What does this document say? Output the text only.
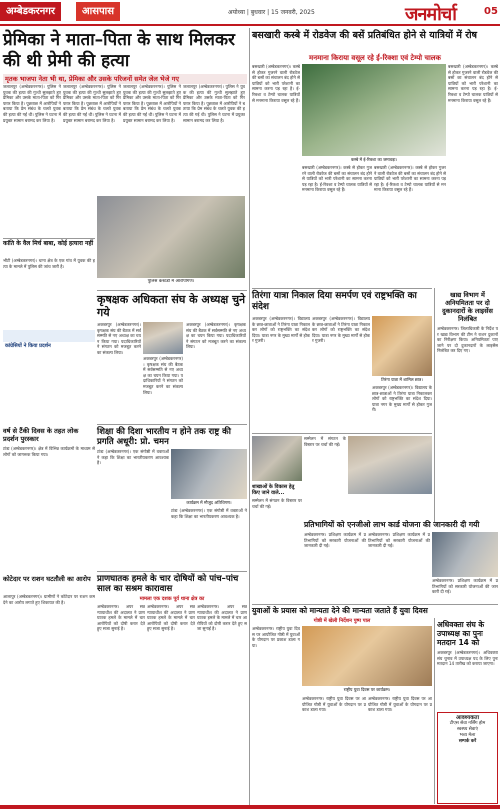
अम्बेडकरनगर	आसपास	अयोध्या | बुधवार | 15 जनवरी, 2025	जनमोर्चा	05
प्रेमिका ने माता–पिता के साथ मिलकर की थी प्रेमी की हत्या
मृतक भाजपा नेता भी था, प्रेमिका और उसके परिजनों समेत जेल भेजे गए
जलालपुर (अम्बेडकरनगर)। पुलिस ने युवक की हत्या की गुत्थी सुलझाते हुए प्रेमिका और उसके माता-पिता को गिरफ्तार किया है। पूछताछ में आरोपियों ने बताया कि प्रेम संबंध के चलते युवक की हत्या की गई थी। पुलिस ने घटना में प्रयुक्त सामान बरामद कर लिया है।
जलालपुर (अम्बेडकरनगर)। पुलिस ने युवक की हत्या की गुत्थी सुलझाते हुए प्रेमिका और उसके माता-पिता को गिरफ्तार किया है। पूछताछ में आरोपियों ने बताया कि प्रेम संबंध के चलते युवक की हत्या की गई थी। पुलिस ने घटना में प्रयुक्त सामान बरामद कर लिया है।
जलालपुर (अम्बेडकरनगर)। पुलिस ने युवक की हत्या की गुत्थी सुलझाते हुए प्रेमिका और उसके माता-पिता को गिरफ्तार किया है। पूछताछ में आरोपियों ने बताया कि प्रेम संबंध के चलते युवक की हत्या की गई थी। पुलिस ने घटना में प्रयुक्त सामान बरामद कर लिया है।
जलालपुर (अम्बेडकरनगर)। पुलिस ने युवक की हत्या की गुत्थी सुलझाते हुए प्रेमिका और उसके माता-पिता को गिरफ्तार किया है। पूछताछ में आरोपियों ने बताया कि प्रेम संबंध के चलते युवक की हत्या की गई थी। पुलिस ने घटना में प्रयुक्त सामान बरामद कर लिया है।
पुलिस कस्टडी में आरोपीगण।
कांति के वैल मिर्च बाबा, कोई हत्यारा नहीं
भीटी (अम्बेडकरनगर)। थाना क्षेत्र के एक गांव में युवक की हत्या के मामले में पुलिस की जांच जारी है।
कांग्रेसियों ने किया प्रदर्शन
वर्ष से टैंकी दिवस के तहत लोक प्रदर्शन पुरस्कार
टांडा (अम्बेडकरनगर)। क्षेत्र में विभिन्न कार्यक्रमों के माध्यम से लोगों को जागरूक किया गया।
कोटेदार पर राशन घटतौली का आरोप
आलापुर (अम्बेडकरनगर)। ग्रामीणों ने कोटेदार पर राशन कम देने का आरोप लगाते हुए शिकायत की है।
कृषक्षक अधिकता संघ के अध्यक्ष चुने गये
अकबरपुर (अम्बेडकरनगर)। कृषक्षक संघ की बैठक में सर्वसम्मति से नए अध्यक्ष का चयन किया गया। पदाधिकारियों ने संगठन को मजबूत करने का संकल्प लिया।
अकबरपुर (अम्बेडकरनगर)। कृषक्षक संघ की बैठक में सर्वसम्मति से नए अध्यक्ष का चयन किया गया। पदाधिकारियों ने संगठन को मजबूत करने का संकल्प लिया।
अकबरपुर (अम्बेडकरनगर)। कृषक्षक संघ की बैठक में सर्वसम्मति से नए अध्यक्ष का चयन किया गया। पदाधिकारियों ने संगठन को मजबूत करने का संकल्प लिया।
शिक्षा की दिशा भारतीय न होने तक राष्ट्र की प्रगति अधूरी: प्रो. चमन
टांडा (अम्बेडकरनगर)। एक संगोष्ठी में वक्ताओं ने कहा कि शिक्षा का भारतीयकरण आवश्यक है।
कार्यक्रम में मौजूद अतिथिगण।
टांडा (अम्बेडकरनगर)। एक संगोष्ठी में वक्ताओं ने कहा कि शिक्षा का भारतीयकरण आवश्यक है।
प्राणघातक हमले के चार दोषियों को पांच–पांच साल का सश्रम कारावास
मामला एक दशक पूर्व थाना क्षेत्र का
अम्बेडकरनगर। अपर सत्र न्यायाधीश की अदालत ने प्राणघातक हमले के मामले में चार आरोपियों को दोषी करार देते हुए सजा सुनाई है।
अम्बेडकरनगर। अपर सत्र न्यायाधीश की अदालत ने प्राणघातक हमले के मामले में चार आरोपियों को दोषी करार देते हुए सजा सुनाई है।
अम्बेडकरनगर। अपर सत्र न्यायाधीश की अदालत ने प्राणघातक हमले के मामले में चार आरोपियों को दोषी करार देते हुए सजा सुनाई है।
बसखारी कस्बे में रोडवेज की बसें प्रतिबंधित होने से यात्रियों में रोष
मनमाना किराया वसूल रहे ई-रिक्शा एवं टेम्पो चालक
बसखारी (अम्बेडकरनगर)। कस्बे से होकर गुजरने वाली रोडवेज की बसों का संचालन बंद होने से यात्रियों को भारी परेशानी का सामना करना पड़ रहा है। ई-रिक्शा व टेम्पो चालक यात्रियों से मनमाना किराया वसूल रहे हैं।
कस्बे में ई-रिक्शा का जमावड़ा।
बसखारी (अम्बेडकरनगर)। कस्बे से होकर गुजरने वाली रोडवेज की बसों का संचालन बंद होने से यात्रियों को भारी परेशानी का सामना करना पड़ रहा है। ई-रिक्शा व टेम्पो चालक यात्रियों से मनमाना किराया वसूल रहे हैं।
बसखारी (अम्बेडकरनगर)। कस्बे से होकर गुजरने वाली रोडवेज की बसों का संचालन बंद होने से यात्रियों को भारी परेशानी का सामना करना पड़ रहा है। ई-रिक्शा व टेम्पो चालक यात्रियों से मनमाना किराया वसूल रहे हैं।
बसखारी (अम्बेडकरनगर)। कस्बे से होकर गुजरने वाली रोडवेज की बसों का संचालन बंद होने से यात्रियों को भारी परेशानी का सामना करना पड़ रहा है। ई-रिक्शा व टेम्पो चालक यात्रियों से मनमाना किराया वसूल रहे हैं।
तिरंगा यात्रा निकाल दिया समर्पण एवं राष्ट्रभक्ति का संदेश
अकबरपुर (अम्बेडकरनगर)। विद्यालय के छात्र-छात्राओं ने तिरंगा यात्रा निकालकर लोगों को राष्ट्रभक्ति का संदेश दिया। यात्रा नगर के मुख्य मार्गों से होकर गुजरी।
अकबरपुर (अम्बेडकरनगर)। विद्यालय के छात्र-छात्राओं ने तिरंगा यात्रा निकालकर लोगों को राष्ट्रभक्ति का संदेश दिया। यात्रा नगर के मुख्य मार्गों से होकर गुजरी।
तिरंगा यात्रा में शामिल छात्र।
अकबरपुर (अम्बेडकरनगर)। विद्यालय के छात्र-छात्राओं ने तिरंगा यात्रा निकालकर लोगों को राष्ट्रभक्ति का संदेश दिया। यात्रा नगर के मुख्य मार्गों से होकर गुजरी।
खाद्य विभाग में अनियमितता पर दो दुकानदारों के लाइसेंस निलंबित
अम्बेडकरनगर। जिलाधिकारी के निर्देश पर खाद्य विभाग की टीम ने राशन दुकानों का निरीक्षण किया। अनियमितता पाए जाने पर दो दुकानदारों के लाइसेंस निलंबित कर दिए गए।
सम्मेलन में संगठन के विस्तार पर चर्चा की गई।
शाखाओं के विकास हेतु किए जाने वाले...
सम्मेलन में संगठन के विस्तार पर चर्चा की गई।
प्रतिभागियों को एनजीओ लाभ कार्ड योजना की जानकारी दी गयी
अम्बेडकरनगर। प्रशिक्षण कार्यक्रम में प्रतिभागियों को सरकारी योजनाओं की जानकारी दी गई।
अम्बेडकरनगर। प्रशिक्षण कार्यक्रम में प्रतिभागियों को सरकारी योजनाओं की जानकारी दी गई।
अम्बेडकरनगर। प्रशिक्षण कार्यक्रम में प्रतिभागियों को सरकारी योजनाओं की जानकारी दी गई।
युवाओं के प्रयास को मान्यता देने की मान्यता जताते हैं युवा दिवस
गोष्ठी में खेली निर्देशन पुष्प पाल
अम्बेडकरनगर। राष्ट्रीय युवा दिवस पर आयोजित गोष्ठी में युवाओं के योगदान पर प्रकाश डाला गया।
राष्ट्रीय युवा दिवस पर कार्यक्रम।
अम्बेडकरनगर। राष्ट्रीय युवा दिवस पर आयोजित गोष्ठी में युवाओं के योगदान पर प्रकाश डाला गया।
अम्बेडकरनगर। राष्ट्रीय युवा दिवस पर आयोजित गोष्ठी में युवाओं के योगदान पर प्रकाश डाला गया।
अधिवक्ता संघ के उपाध्यक्ष का पुनः मतदान 14 को
अकबरपुर (अम्बेडकरनगर)। अधिवक्ता संघ चुनाव में उपाध्यक्ष पद के लिए पुनः मतदान 14 तारीख को कराया जाएगा।
आवश्यकता
टीएस सेवा नर्सिंग होम
स्वस्थ्य सेवाएं
भव्य मेला
सम्पर्क करें
